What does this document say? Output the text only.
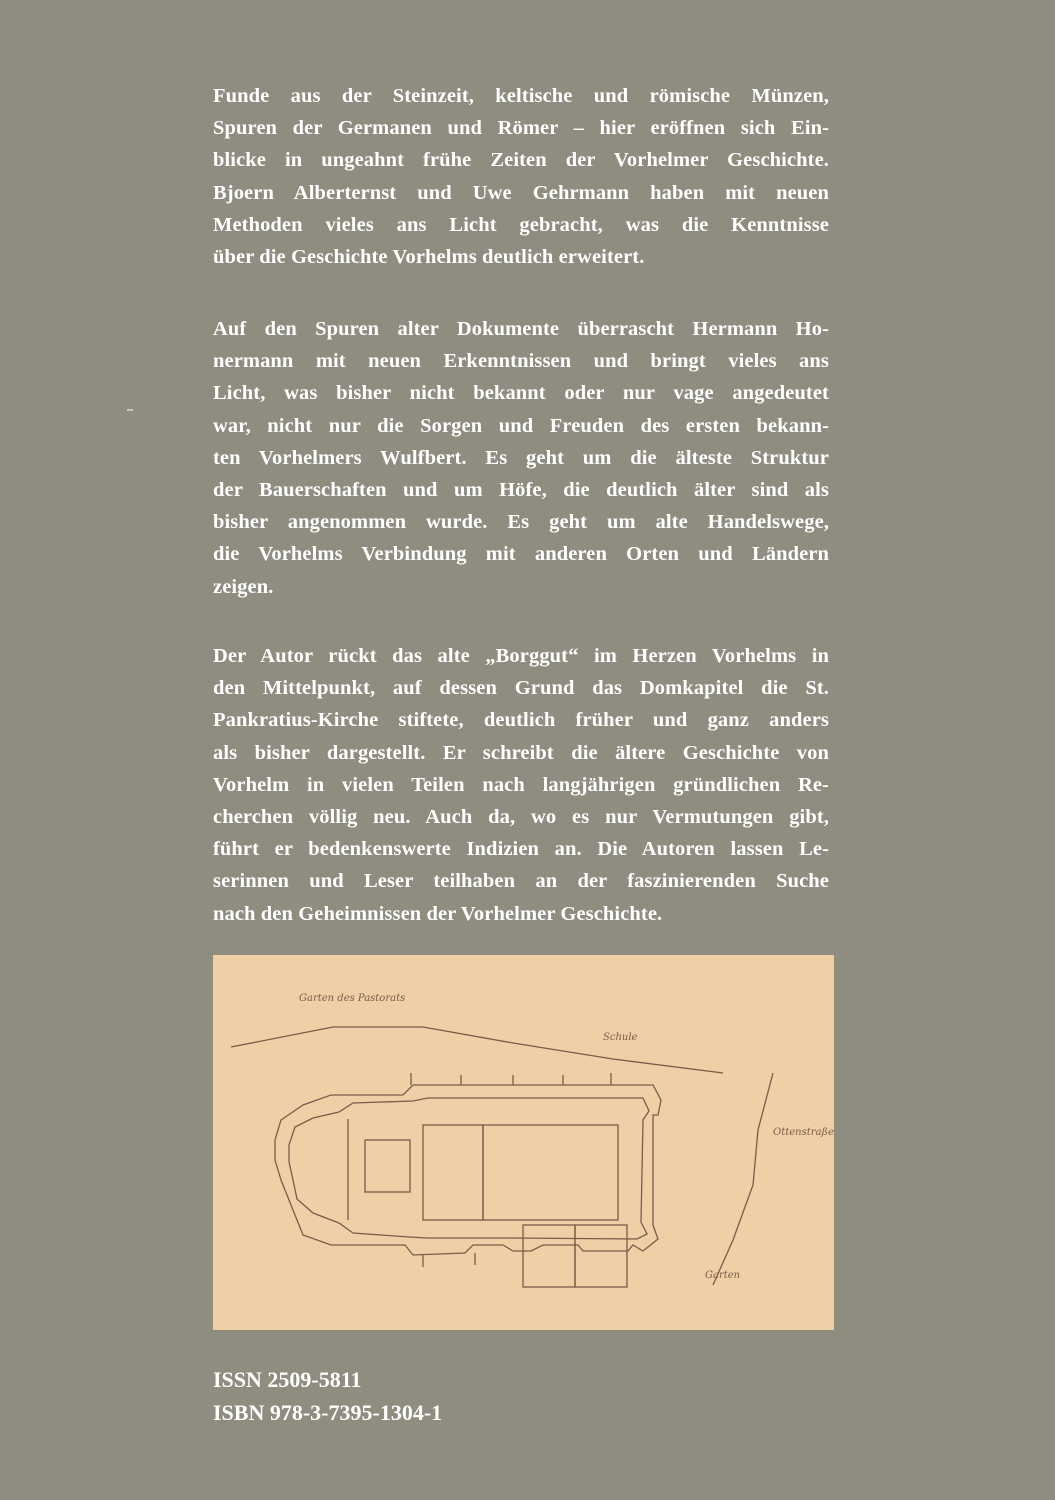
Funde aus der Steinzeit, keltische und römische Münzen,
Spuren der Germanen und Römer – hier eröffnen sich Ein-
blicke in ungeahnt frühe Zeiten der Vorhelmer Geschichte.
Bjoern Alberternst und Uwe Gehrmann haben mit neuen
Methoden vieles ans Licht gebracht, was die Kenntnisse
über die Geschichte Vorhelms deutlich erweitert.
Auf den Spuren alter Dokumente überrascht Hermann Ho-
nermann mit neuen Erkenntnissen und bringt vieles ans
Licht, was bisher nicht bekannt oder nur vage angedeutet
war, nicht nur die Sorgen und Freuden des ersten bekann-
ten Vorhelmers Wulfbert. Es geht um die älteste Struktur
der Bauerschaften und um Höfe, die deutlich älter sind als
bisher angenommen wurde. Es geht um alte Handelswege,
die Vorhelms Verbindung mit anderen Orten und Ländern
zeigen.
Der Autor rückt das alte „Borggut“ im Herzen Vorhelms in
den Mittelpunkt, auf dessen Grund das Domkapitel die St.
Pankratius-Kirche stiftete, deutlich früher und ganz anders
als bisher dargestellt. Er schreibt die ältere Geschichte von
Vorhelm in vielen Teilen nach langjährigen gründlichen Re-
cherchen völlig neu. Auch da, wo es nur Vermutungen gibt,
führt er bedenkenswerte Indizien an. Die Autoren lassen Le-
serinnen und Leser teilhaben an der faszinierenden Suche
nach den Geheimnissen der Vorhelmer Geschichte.
Garten des Pastorats
Schule
Ottenstraße
Garten
ISSN 2509-5811
ISBN 978-3-7395-1304-1
